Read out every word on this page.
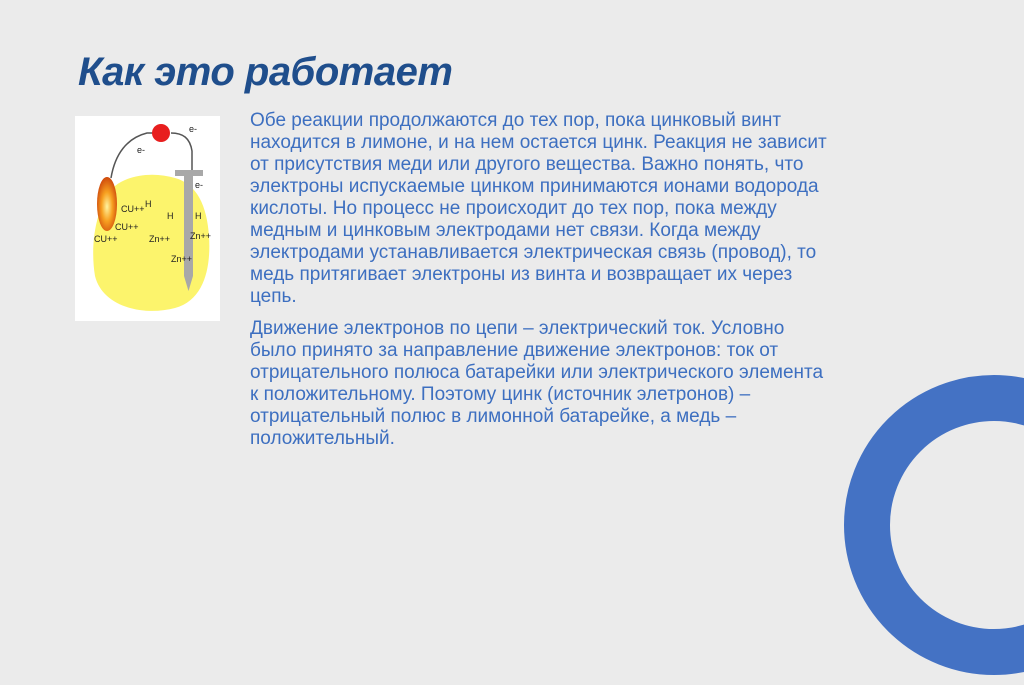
Как это работает
e-
e-
e-
H
H H
CU++
CU++
CU++	Zn++ Zn++
Zn++

Обе реакции продолжаются до тех пор, пока цинковый винт находится в лимоне, и на нем остается цинк. Реакция не зависит от присутствия меди или другого вещества. Важно понять, что электроны испускаемые цинком принимаются ионами водорода кислоты. Но процесс не происходит до тех пор, пока между медным и цинковым электродами нет связи. Когда между электродами устанавливается электрическая связь (провод), то медь притягивает электроны из винта и возвращает их через цепь.

Движение электронов по цепи – электрический ток. Условно было принято за направление движение электронов: ток от отрицательного полюса батарейки или электрического элемента к положительному. Поэтому цинк (источник элетронов) – отрицательный полюс в лимонной батарейке, а медь – положительный.
